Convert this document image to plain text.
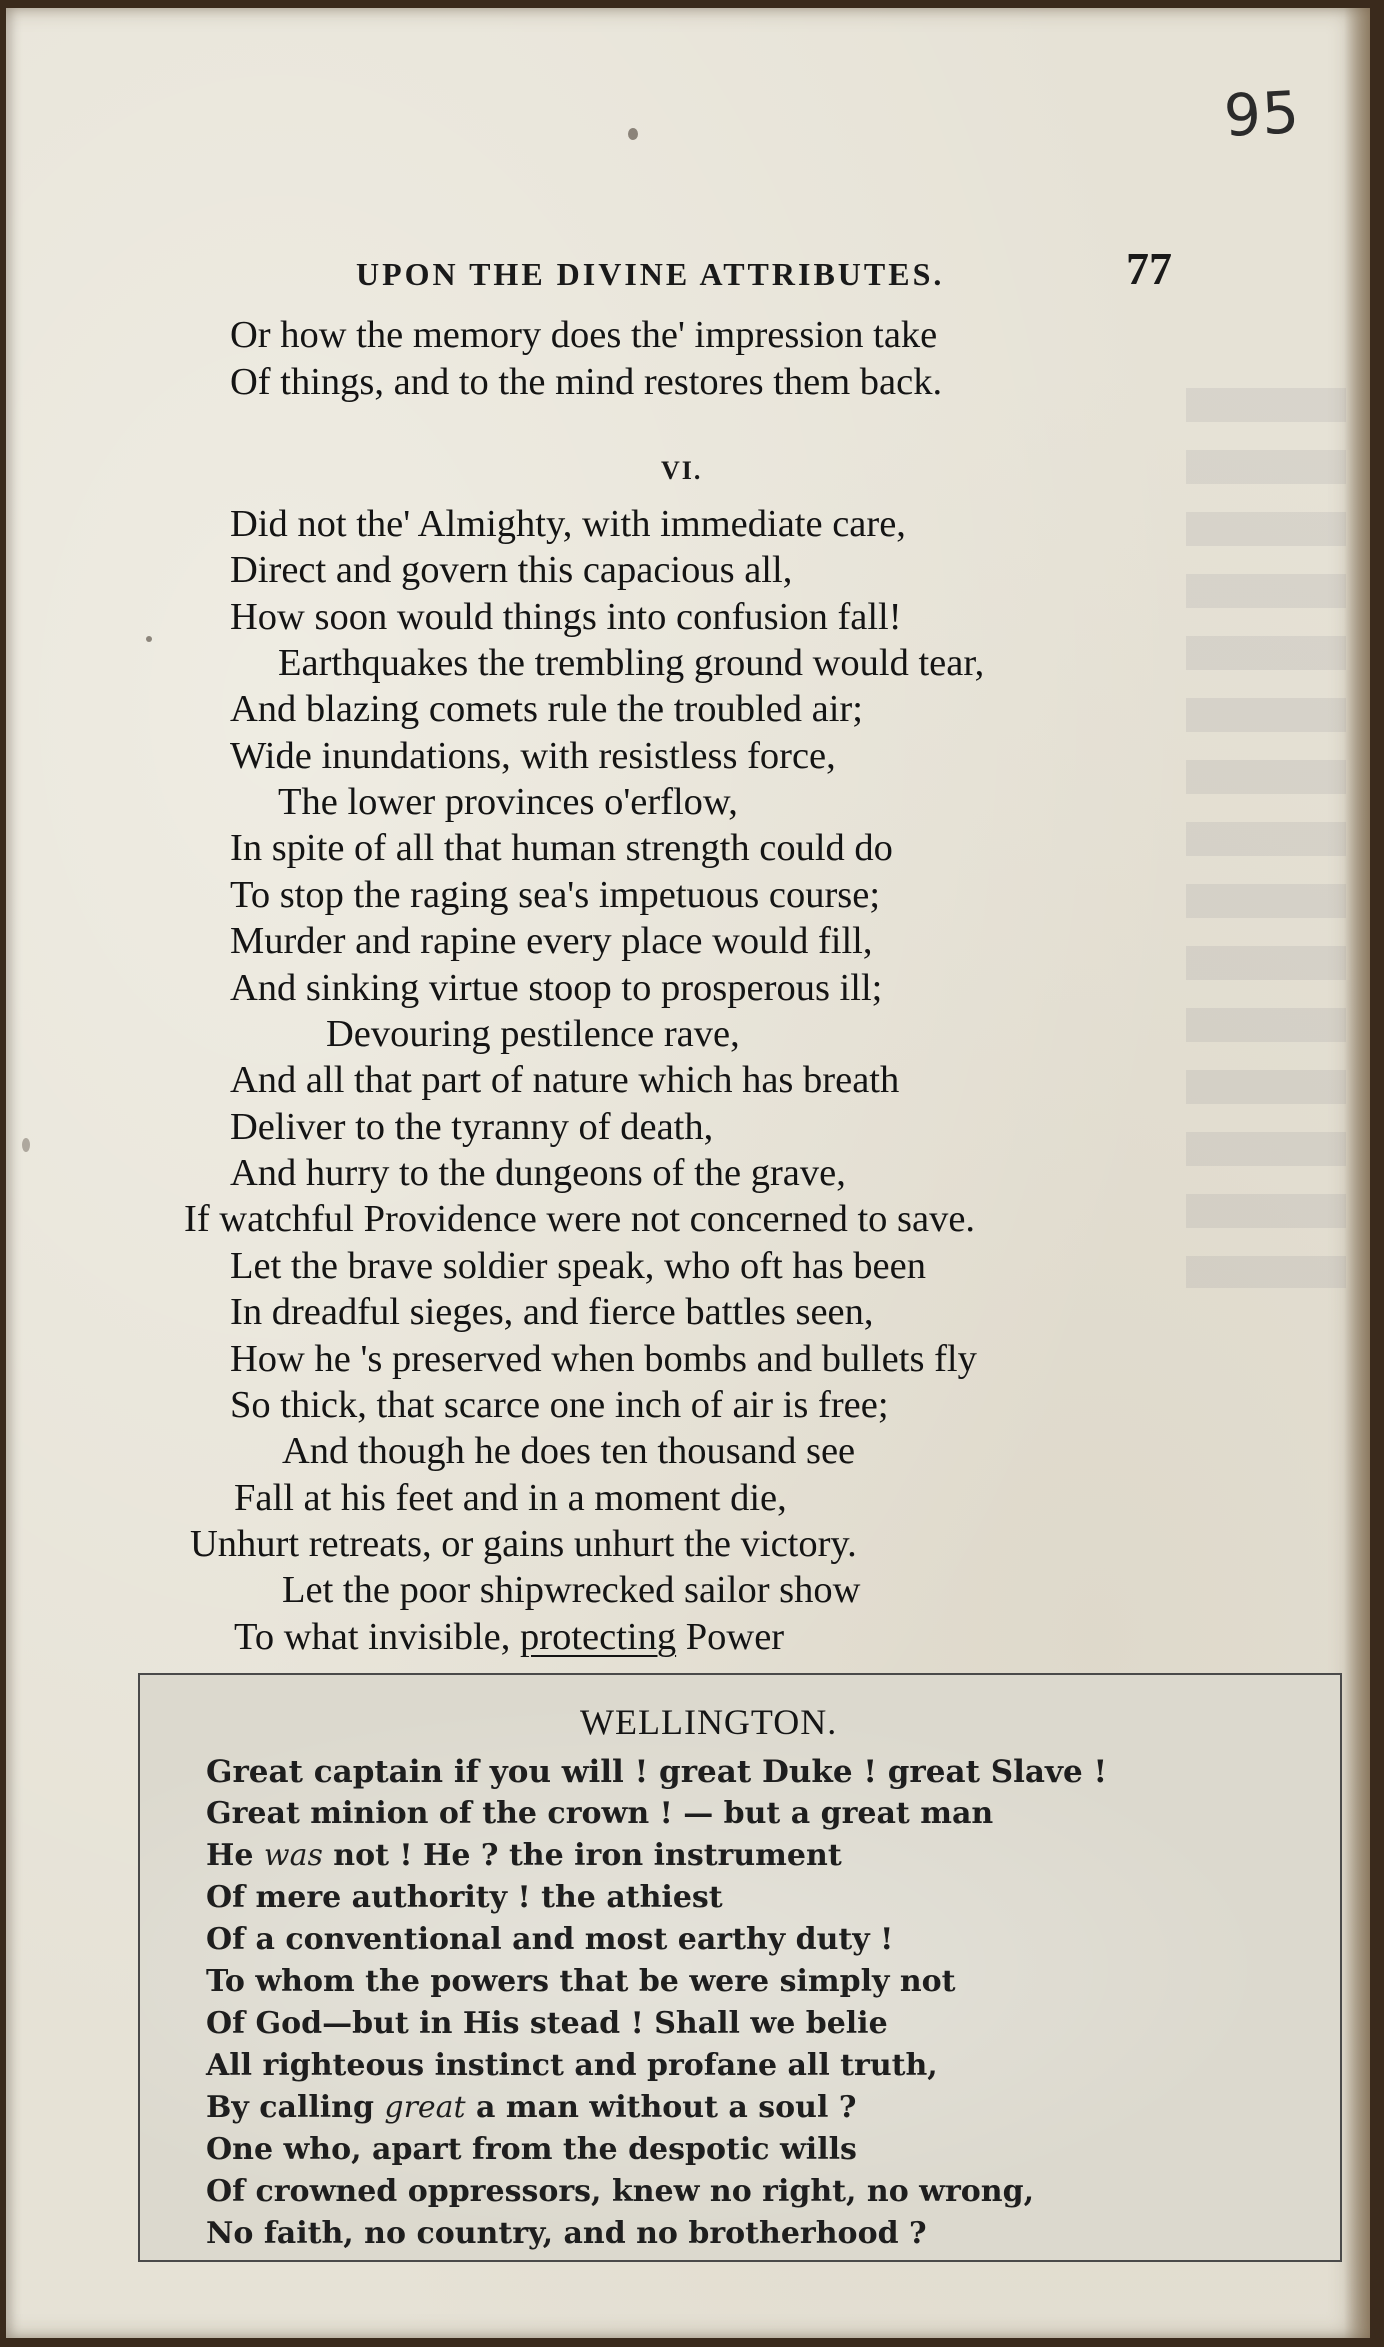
95
UPON THE DIVINE ATTRIBUTES.	77
Or how the memory does the' impression take
Of things, and to the mind restores them back.
VI.
Did not the' Almighty, with immediate care,
Direct and govern this capacious all,
How soon would things into confusion fall!
Earthquakes the trembling ground would tear,
And blazing comets rule the troubled air;
Wide inundations, with resistless force,
The lower provinces o'erflow,
In spite of all that human strength could do
To stop the raging sea's impetuous course;
Murder and rapine every place would fill,
And sinking virtue stoop to prosperous ill;
Devouring pestilence rave,
And all that part of nature which has breath
Deliver to the tyranny of death,
And hurry to the dungeons of the grave,
If watchful Providence were not concerned to save.
Let the brave soldier speak, who oft has been
In dreadful sieges, and fierce battles seen,
How he 's preserved when bombs and bullets fly
So thick, that scarce one inch of air is free;
And though he does ten thousand see
Fall at his feet and in a moment die,
Unhurt retreats, or gains unhurt the victory.
Let the poor shipwrecked sailor show
To what invisible, protecting Power
WELLINGTON.
Great captain if you will ! great Duke ! great Slave !
Great minion of the crown ! — but a great man
He was not ! He ? the iron instrument
Of mere authority ! the athiest
Of a conventional and most earthy duty !
To whom the powers that be were simply not
Of God—but in His stead ! Shall we belie
All righteous instinct and profane all truth,
By calling great a man without a soul ?
One who, apart from the despotic wills
Of crowned oppressors, knew no right, no wrong,
No faith, no country, and no brotherhood ?
